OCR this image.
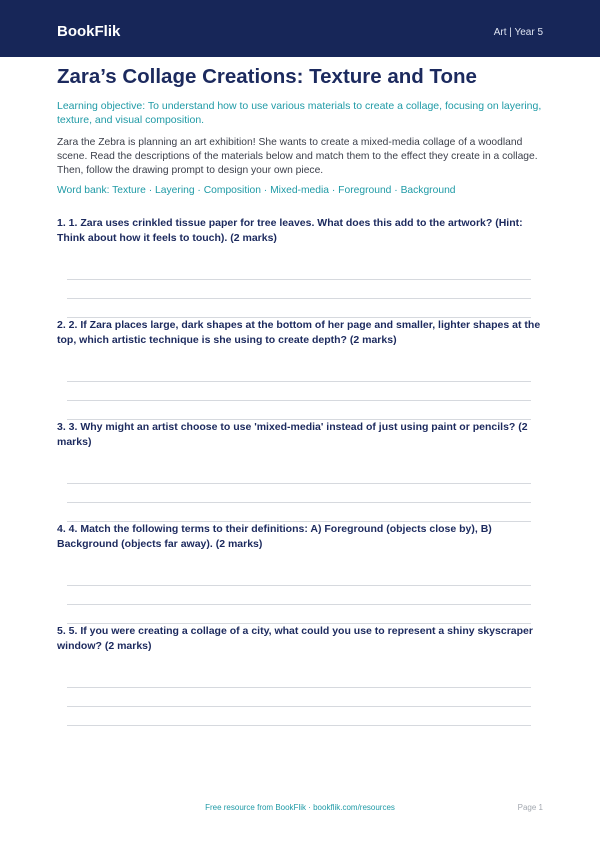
BookFlik	Art | Year 5
Zara’s Collage Creations: Texture and Tone
Learning objective: To understand how to use various materials to create a collage, focusing on layering, texture, and visual composition.
Zara the Zebra is planning an art exhibition! She wants to create a mixed-media collage of a woodland scene. Read the descriptions of the materials below and match them to the effect they create in a collage. Then, follow the drawing prompt to design your own piece.
Word bank: Texture · Layering · Composition · Mixed-media · Foreground · Background
1. 1. Zara uses crinkled tissue paper for tree leaves. What does this add to the artwork? (Hint: Think about how it feels to touch). (2 marks)
2. 2. If Zara places large, dark shapes at the bottom of her page and smaller, lighter shapes at the top, which artistic technique is she using to create depth? (2 marks)
3. 3. Why might an artist choose to use 'mixed-media' instead of just using paint or pencils? (2 marks)
4. 4. Match the following terms to their definitions: A) Foreground (objects close by), B) Background (objects far away). (2 marks)
5. 5. If you were creating a collage of a city, what could you use to represent a shiny skyscraper window? (2 marks)
Free resource from BookFlik · bookflik.com/resources	Page 1
